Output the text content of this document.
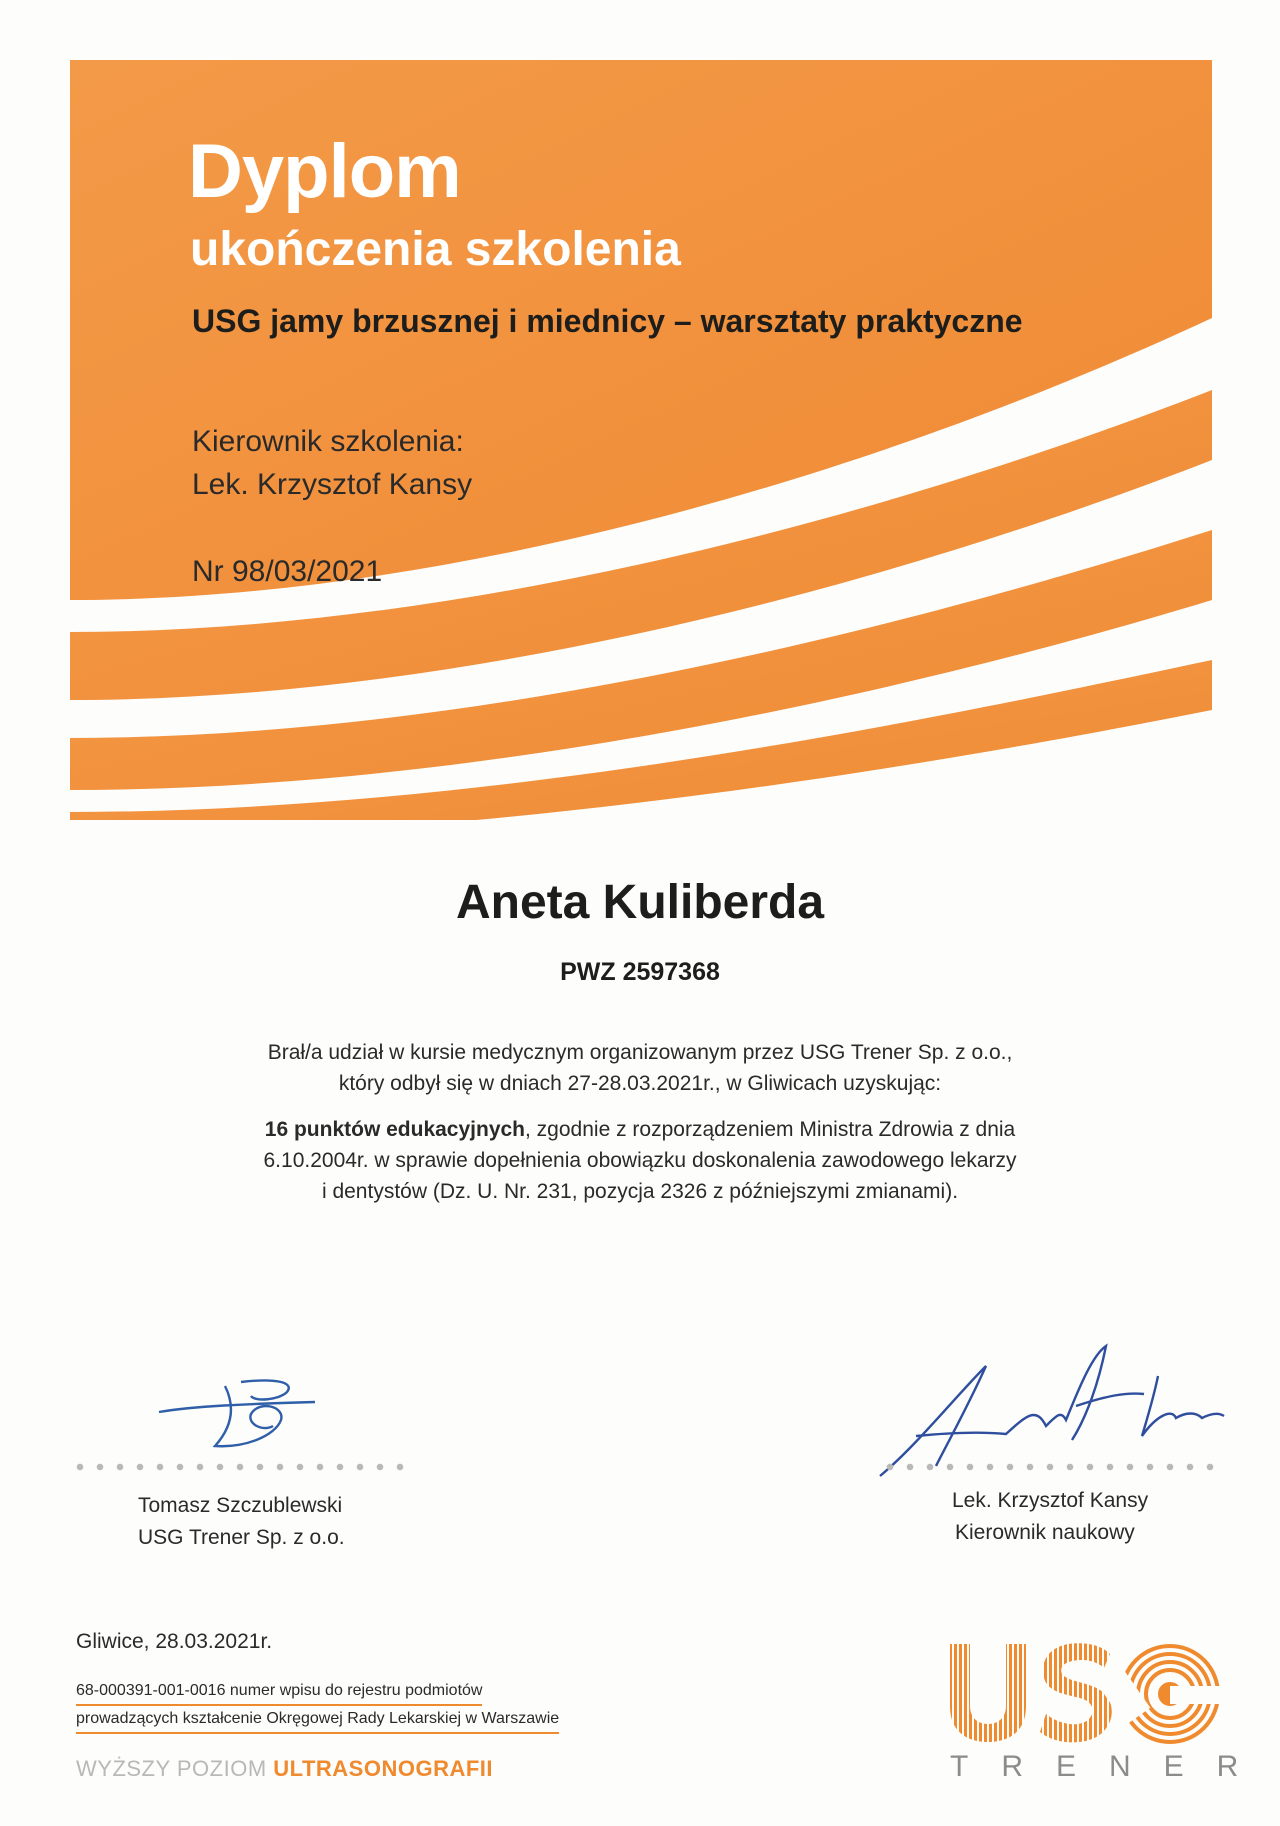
Dyplom
ukończenia szkolenia
USG jamy brzusznej i miednicy – warsztaty praktyczne
Kierownik szkolenia:
Lek. Krzysztof Kansy
Nr 98/03/2021
Aneta Kuliberda
PWZ 2597368
Brał/a udział w kursie medycznym organizowanym przez USG Trener Sp. z o.o.,
który odbył się w dniach 27-28.03.2021r., w Gliwicach uzyskując:
16 punktów edukacyjnych, zgodnie z rozporządzeniem Ministra Zdrowia z dnia
6.10.2004r. w sprawie dopełnienia obowiązku doskonalenia zawodowego lekarzy
i dentystów (Dz. U. Nr. 231, pozycja 2326 z późniejszymi zmianami).
Tomasz Szczublewski
USG Trener Sp. z o.o.
Lek. Krzysztof Kansy
Kierownik naukowy
Gliwice, 28.03.2021r.
68-000391-001-0016 numer wpisu do rejestru podmiotów
prowadzących kształcenie Okręgowej Rady Lekarskiej w Warszawie
WYŻSZY POZIOM ULTRASONOGRAFII	TRENER
